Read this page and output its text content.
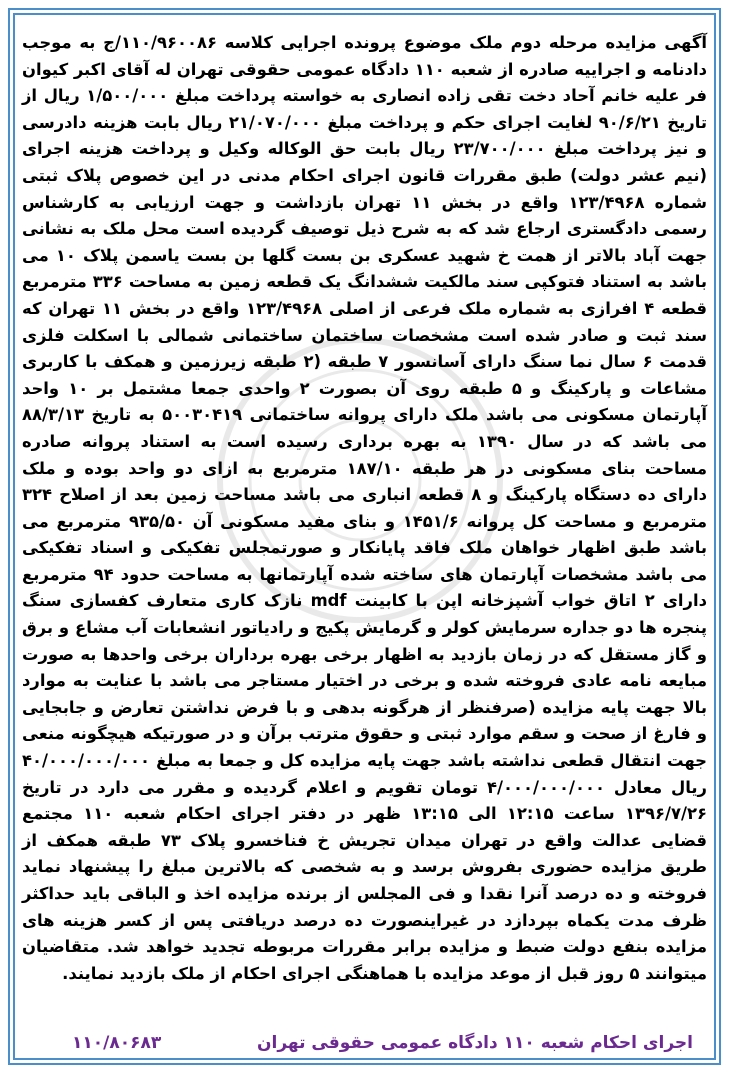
آگهی مزایده مرحله دوم ملک موضوع پرونده اجرایی کلاسه ۱۱۰/۹۶۰۰۸۶/ج به موجب دادنامه و اجراییه صادره از شعبه ۱۱۰ دادگاه عمومی حقوقی تهران له آقای اکبر کیوان فر علیه خانم آحاد دخت تقی زاده انصاری به خواسته پرداخت مبلغ ۱/۵۰۰/۰۰۰ ریال از تاریخ ۹۰/۶/۲۱ لغایت اجرای حکم و پرداخت مبلغ ۲۱/۰۷۰/۰۰۰ ریال بابت هزینه دادرسی و نیز پرداخت مبلغ ۲۳/۷۰۰/۰۰۰ ریال بابت حق الوکاله وکیل و پرداخت هزینه اجرای (نیم عشر دولت) طبق مقررات قانون اجرای احکام مدنی در این خصوص پلاک ثبتی شماره ۱۲۳/۴۹۶۸ واقع در بخش ۱۱ تهران بازداشت و جهت ارزیابی به کارشناس رسمی دادگستری ارجاع شد که به شرح ذیل توصیف گردیده است محل ملک به نشانی جهت آباد بالاتر از همت خ شهید عسکری بن بست گلها بن بست یاسمن پلاک ۱۰ می باشد به استناد فتوکپی سند مالکیت ششدانگ یک قطعه زمین به مساحت ۳۳۶ مترمربع قطعه ۴ افرازی به شماره ملک فرعی از اصلی ۱۲۳/۴۹۶۸ واقع در بخش ۱۱ تهران که سند ثبت و صادر شده است مشخصات ساختمان ساختمانی شمالی با اسکلت فلزی قدمت ۶ سال نما سنگ دارای آسانسور ۷ طبقه (۲ طبقه زیرزمین و همکف با کاربری مشاعات و پارکینگ و ۵ طبقه روی آن بصورت ۲ واحدی جمعا مشتمل بر ۱۰ واحد آپارتمان مسکونی می باشد ملک دارای پروانه ساختمانی ۵۰۰۳۰۴۱۹ به تاریخ ۸۸/۳/۱۳ می باشد که در سال ۱۳۹۰ به بهره برداری رسیده است به استناد پروانه صادره مساحت بنای مسکونی در هر طبقه ۱۸۷/۱۰ مترمربع به ازای دو واحد بوده و ملک دارای ده دستگاه پارکینگ و ۸ قطعه انباری می باشد مساحت زمین بعد از اصلاح ۳۲۴ مترمربع و مساحت کل پروانه ۱۴۵۱/۶ و بنای مفید مسکونی آن ۹۳۵/۵۰ مترمربع می باشد طبق اظهار خواهان ملک فاقد پایانکار و صورتمجلس تفکیکی و اسناد تفکیکی می باشد مشخصات آپارتمان های ساخته شده آپارتمانها به مساحت حدود ۹۴ مترمربع دارای ۲ اتاق خواب آشپزخانه اپن با کابینت mdf نازک کاری متعارف کفسازی سنگ پنجره ها دو جداره سرمایش کولر و گرمایش پکیج و رادیاتور انشعابات آب مشاع و برق و گاز مستقل که در زمان بازدید به اظهار برخی بهره برداران برخی واحدها به صورت مبایعه نامه عادی فروخته شده و برخی در اختیار مستاجر می باشد با عنایت به موارد بالا جهت پایه مزایده (صرفنظر از هرگونه بدهی و با فرض نداشتن تعارض و جابجایی و فارغ از صحت و سقم موارد ثبتی و حقوق مترتب برآن و در صورتیکه هیچگونه منعی جهت انتقال قطعی نداشته باشد جهت پایه مزایده کل و جمعا به مبلغ ۴۰/۰۰۰/۰۰۰/۰۰۰ ریال معادل ۴/۰۰۰/۰۰۰/۰۰۰ تومان تقویم و اعلام گردیده و مقرر می دارد در تاریخ ۱۳۹۶/۷/۲۶ ساعت ۱۲:۱۵ الی ۱۳:۱۵ ظهر در دفتر اجرای احکام شعبه ۱۱۰ مجتمع قضایی عدالت واقع در تهران میدان تجریش خ فناخسرو پلاک ۷۳ طبقه همکف از طریق مزایده حضوری بفروش برسد و به شخصی که بالاترین مبلغ را پیشنهاد نماید فروخته و ده درصد آنرا نقدا و فی المجلس از برنده مزایده اخذ و الباقی باید حداکثر ظرف مدت یکماه بپردازد در غیراینصورت ده درصد دریافتی پس از کسر هزینه های مزایده بنفع دولت ضبط و مزایده برابر مقررات مربوطه تجدید خواهد شد. متقاضیان میتوانند ۵ روز قبل از موعد مزایده با هماهنگی اجرای احکام از ملک بازدید نمایند.

اجرای احکام شعبه ۱۱۰ دادگاه عمومی حقوقی تهران
۱۱۰/۸۰۶۸۳
